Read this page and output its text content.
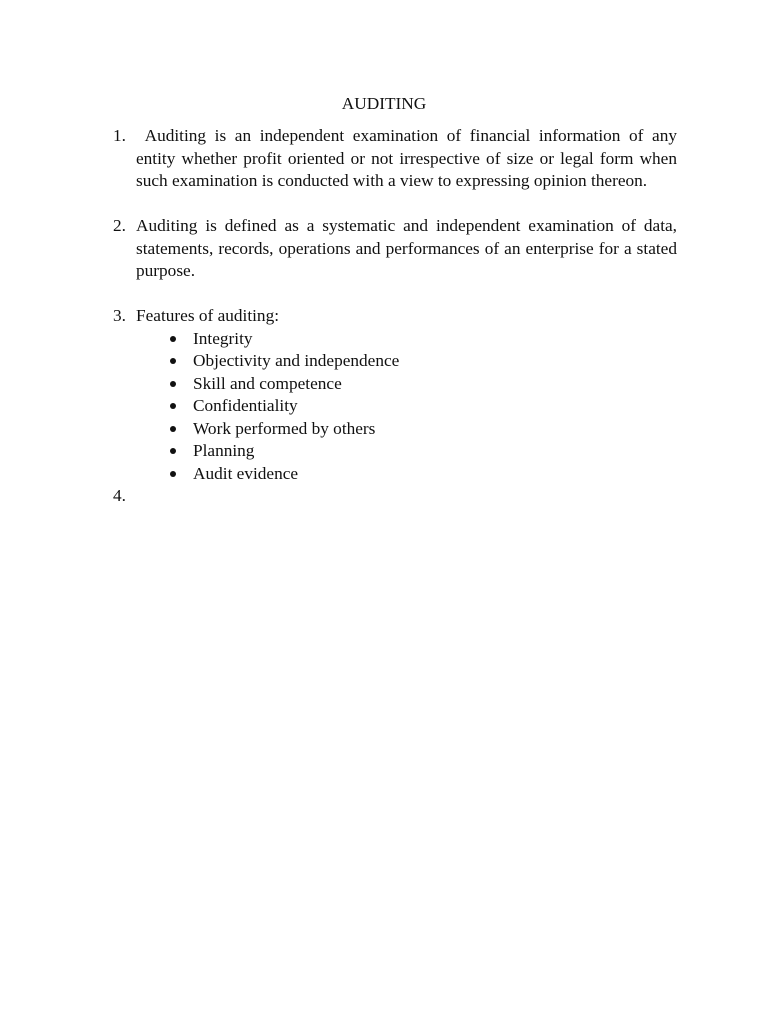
AUDITING
1. Auditing is an independent examination of financial information of any entity whether profit oriented or not irrespective of size or legal form when such examination is conducted with a view to expressing opinion thereon.
2. Auditing is defined as a systematic and independent examination of data, statements, records, operations and performances of an enterprise for a stated purpose.
3. Features of auditing:
Integrity
Objectivity and independence
Skill and competence
Confidentiality
Work performed by others
Planning
Audit evidence
4.
